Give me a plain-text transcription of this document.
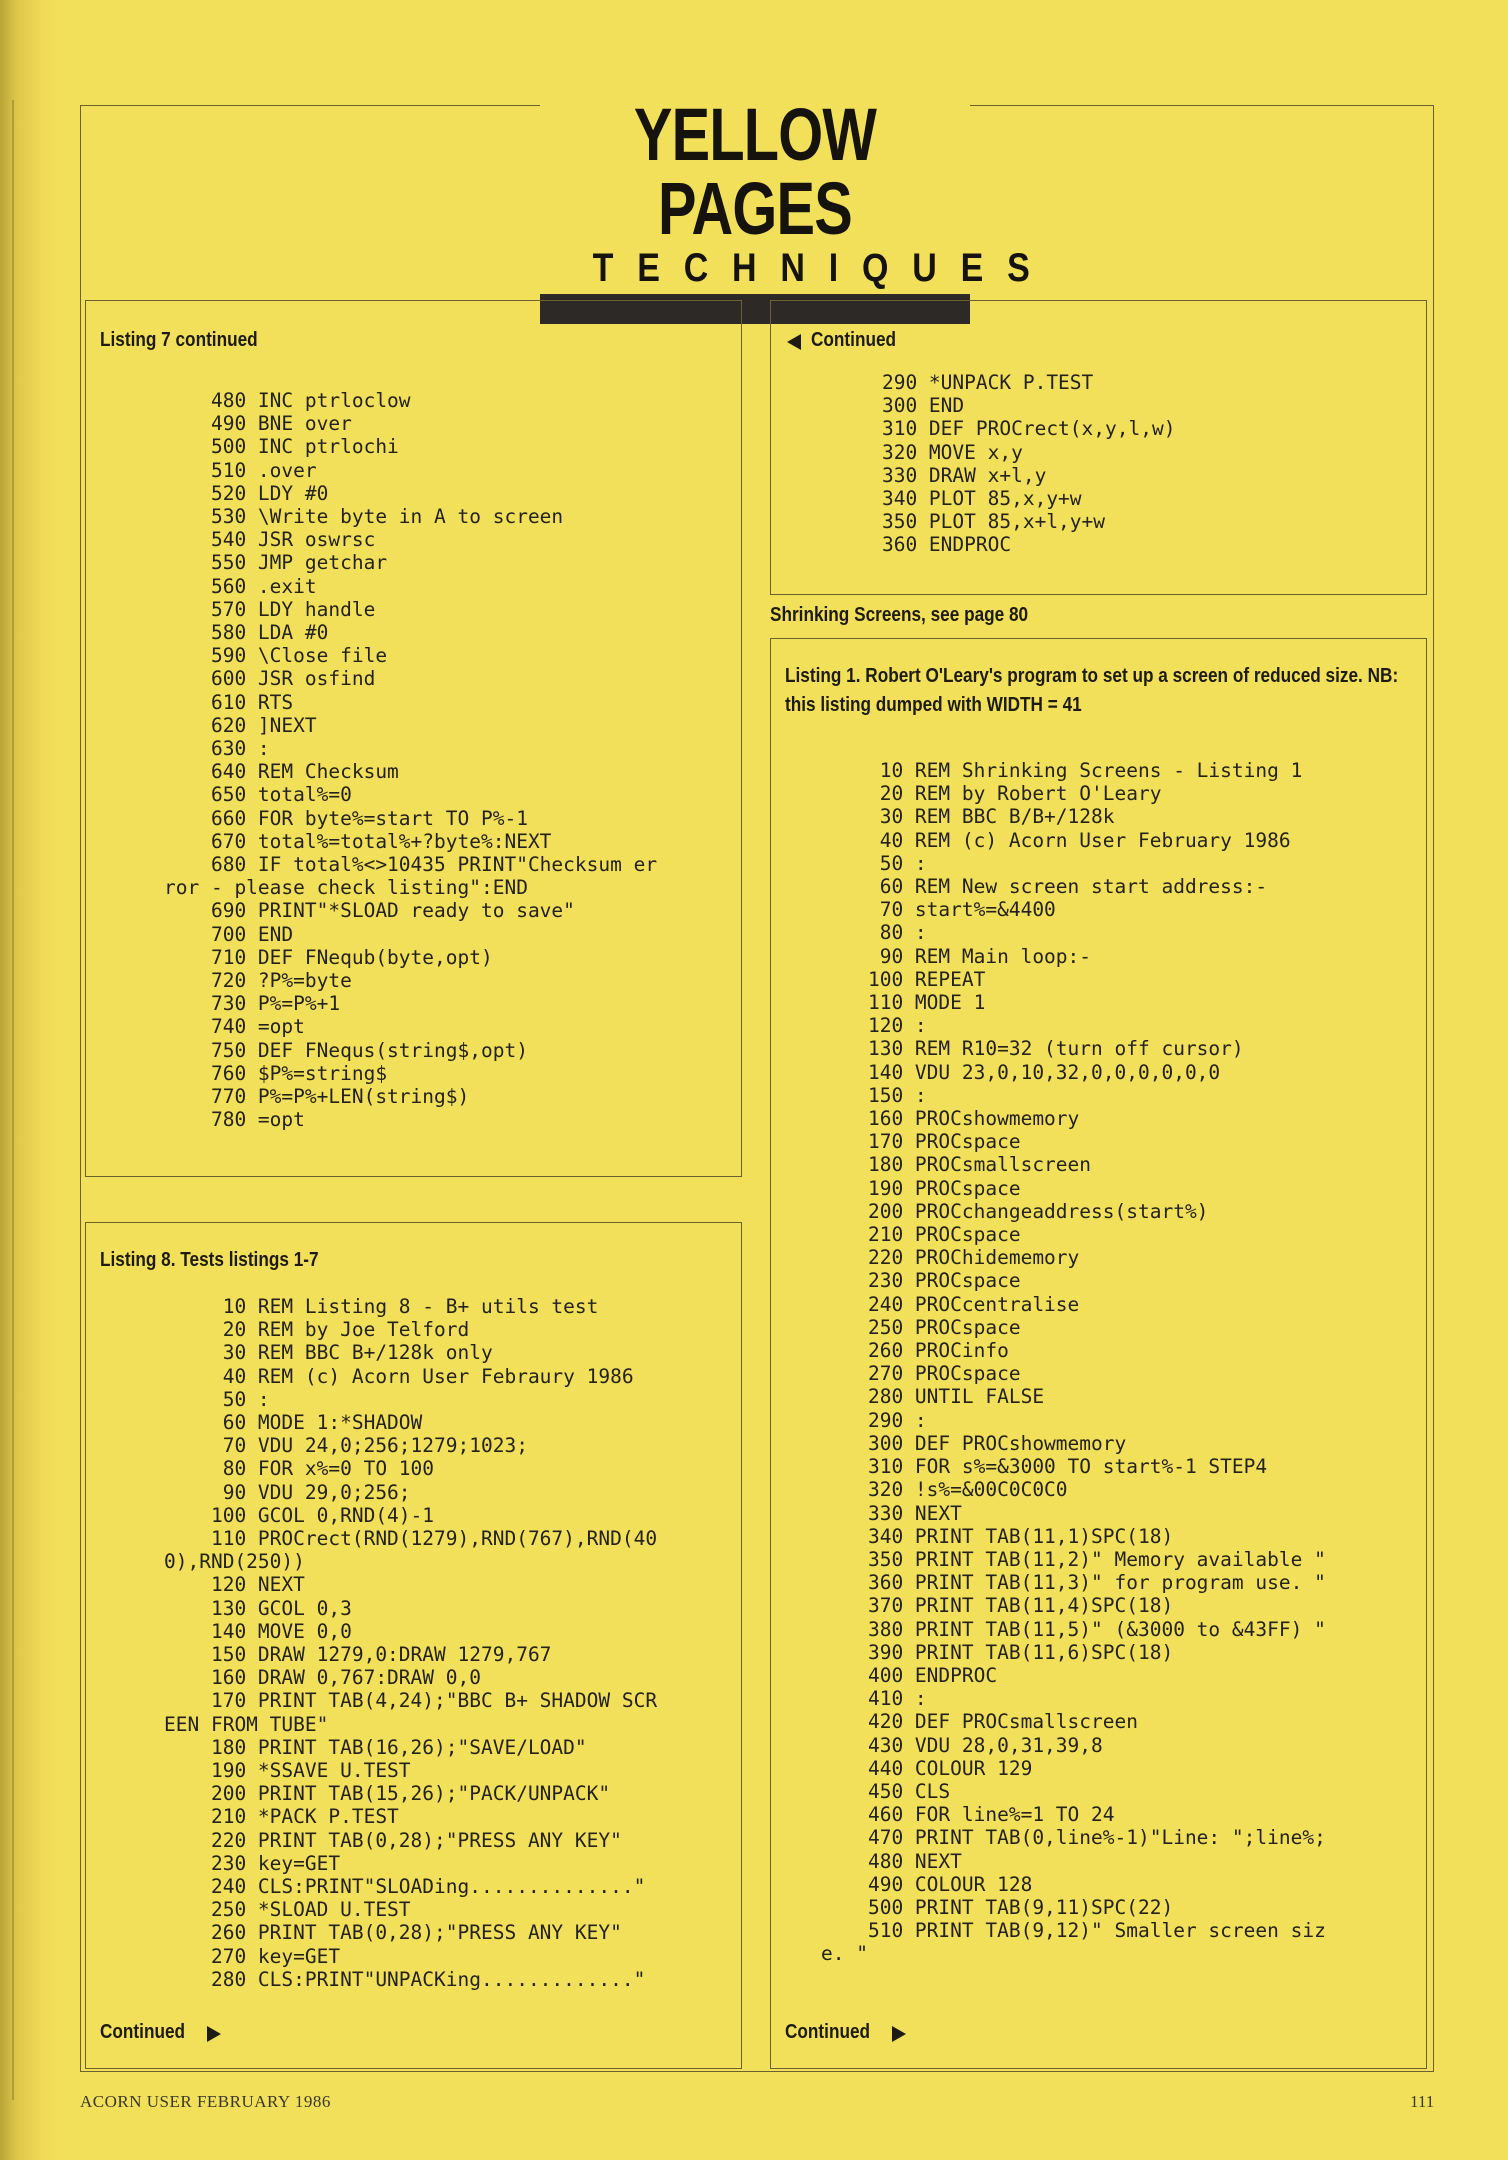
YELLOW PAGES
TECHNIQUES
Listing 7 continued
480 INC ptrloclow
490 BNE over
500 INC ptrlochi
510 .over
520 LDY #0
530 \Write byte in A to screen
540 JSR oswrsc
550 JMP getchar
560 .exit
570 LDY handle
580 LDA #0
590 \Close file
600 JSR osfind
610 RTS
620 ]NEXT
630 :
640 REM Checksum
650 total%=0
660 FOR byte%=start TO P%-1
670 total%=total%+?byte%:NEXT
680 IF total%<>10435 PRINT"Checksum er
ror - please check listing":END
690 PRINT"*SLOAD ready to save"
700 END
710 DEF FNequb(byte,opt)
720 ?P%=byte
730 P%=P%+1
740 =opt
750 DEF FNequs(string$,opt)
760 $P%=string$
770 P%=P%+LEN(string$)
780 =opt
Listing 8. Tests listings 1-7
10 REM Listing 8 - B+ utils test
20 REM by Joe Telford
30 REM BBC B+/128k only
40 REM (c) Acorn User Febraury 1986
50 :
60 MODE 1:*SHADOW
70 VDU 24,0;256;1279;1023;
80 FOR x%=0 TO 100
90 VDU 29,0;256;
100 GCOL 0,RND(4)-1
110 PROCrect(RND(1279),RND(767),RND(40
0),RND(250))
120 NEXT
130 GCOL 0,3
140 MOVE 0,0
150 DRAW 1279,0:DRAW 1279,767
160 DRAW 0,767:DRAW 0,0
170 PRINT TAB(4,24);"BBC B+ SHADOW SCR
EEN FROM TUBE"
180 PRINT TAB(16,26);"SAVE/LOAD"
190 *SSAVE U.TEST
200 PRINT TAB(15,26);"PACK/UNPACK"
210 *PACK P.TEST
220 PRINT TAB(0,28);"PRESS ANY KEY"
230 key=GET
240 CLS:PRINT"SLOADing.............."
250 *SLOAD U.TEST
260 PRINT TAB(0,28);"PRESS ANY KEY"
270 key=GET
280 CLS:PRINT"UNPACKing............."
Continued
Continued
290 *UNPACK P.TEST
300 END
310 DEF PROCrect(x,y,l,w)
320 MOVE x,y
330 DRAW x+l,y
340 PLOT 85,x,y+w
350 PLOT 85,x+l,y+w
360 ENDPROC
Shrinking Screens, see page 80
Listing 1. Robert O'Leary's program to set up a screen of reduced size. NB:
this listing dumped with WIDTH = 41
10 REM Shrinking Screens - Listing 1
20 REM by Robert O'Leary
30 REM BBC B/B+/128k
40 REM (c) Acorn User February 1986
50 :
60 REM New screen start address:-
70 start%=&4400
80 :
90 REM Main loop:-
100 REPEAT
110 MODE 1
120 :
130 REM R10=32 (turn off cursor)
140 VDU 23,0,10,32,0,0,0,0,0,0
150 :
160 PROCshowmemory
170 PROCspace
180 PROCsmallscreen
190 PROCspace
200 PROCchangeaddress(start%)
210 PROCspace
220 PROChidememory
230 PROCspace
240 PROCcentralise
250 PROCspace
260 PROCinfo
270 PROCspace
280 UNTIL FALSE
290 :
300 DEF PROCshowmemory
310 FOR s%=&3000 TO start%-1 STEP4
320 !s%=&00C0C0C0
330 NEXT
340 PRINT TAB(11,1)SPC(18)
350 PRINT TAB(11,2)" Memory available "
360 PRINT TAB(11,3)" for program use. "
370 PRINT TAB(11,4)SPC(18)
380 PRINT TAB(11,5)" (&3000 to &43FF) "
390 PRINT TAB(11,6)SPC(18)
400 ENDPROC
410 :
420 DEF PROCsmallscreen
430 VDU 28,0,31,39,8
440 COLOUR 129
450 CLS
460 FOR line%=1 TO 24
470 PRINT TAB(0,line%-1)"Line: ";line%;
480 NEXT
490 COLOUR 128
500 PRINT TAB(9,11)SPC(22)
510 PRINT TAB(9,12)" Smaller screen siz
e. "
Continued
ACORN USER FEBRUARY 1986	111
